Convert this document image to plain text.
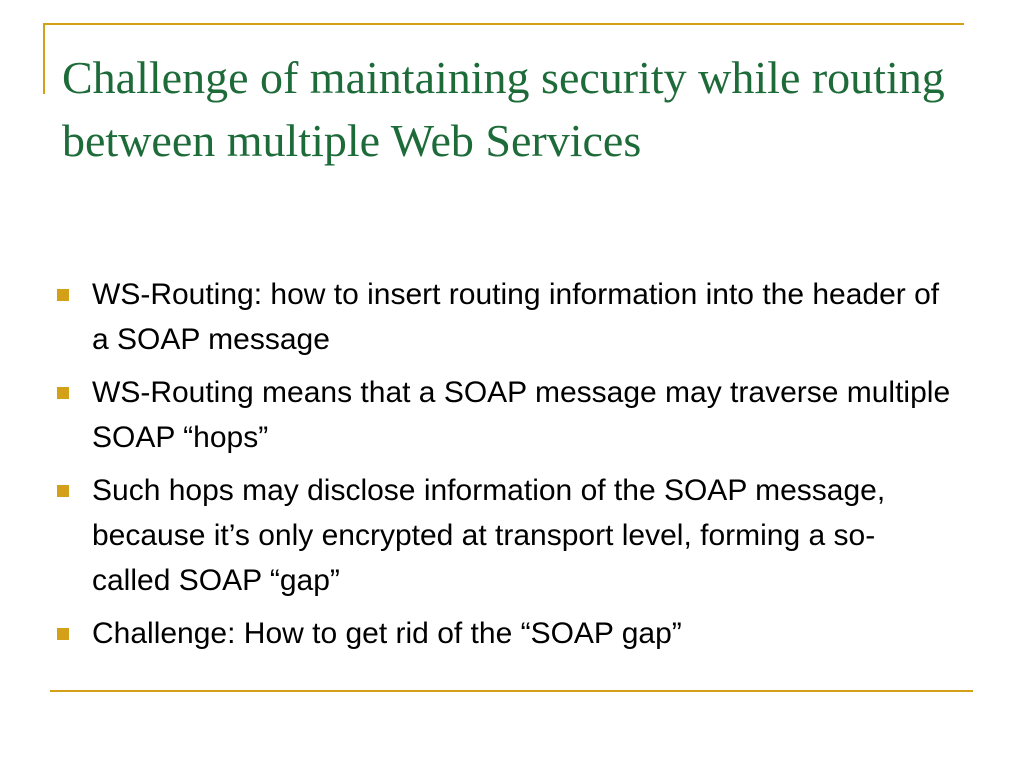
Challenge of maintaining security while routing between multiple Web Services
WS-Routing: how to insert routing information into the header of a SOAP message
WS-Routing means that a SOAP message may traverse multiple SOAP “hops”
Such hops may disclose information of the SOAP message, because it’s only encrypted at transport level, forming a so-called SOAP “gap”
Challenge: How to get rid of the “SOAP gap”
